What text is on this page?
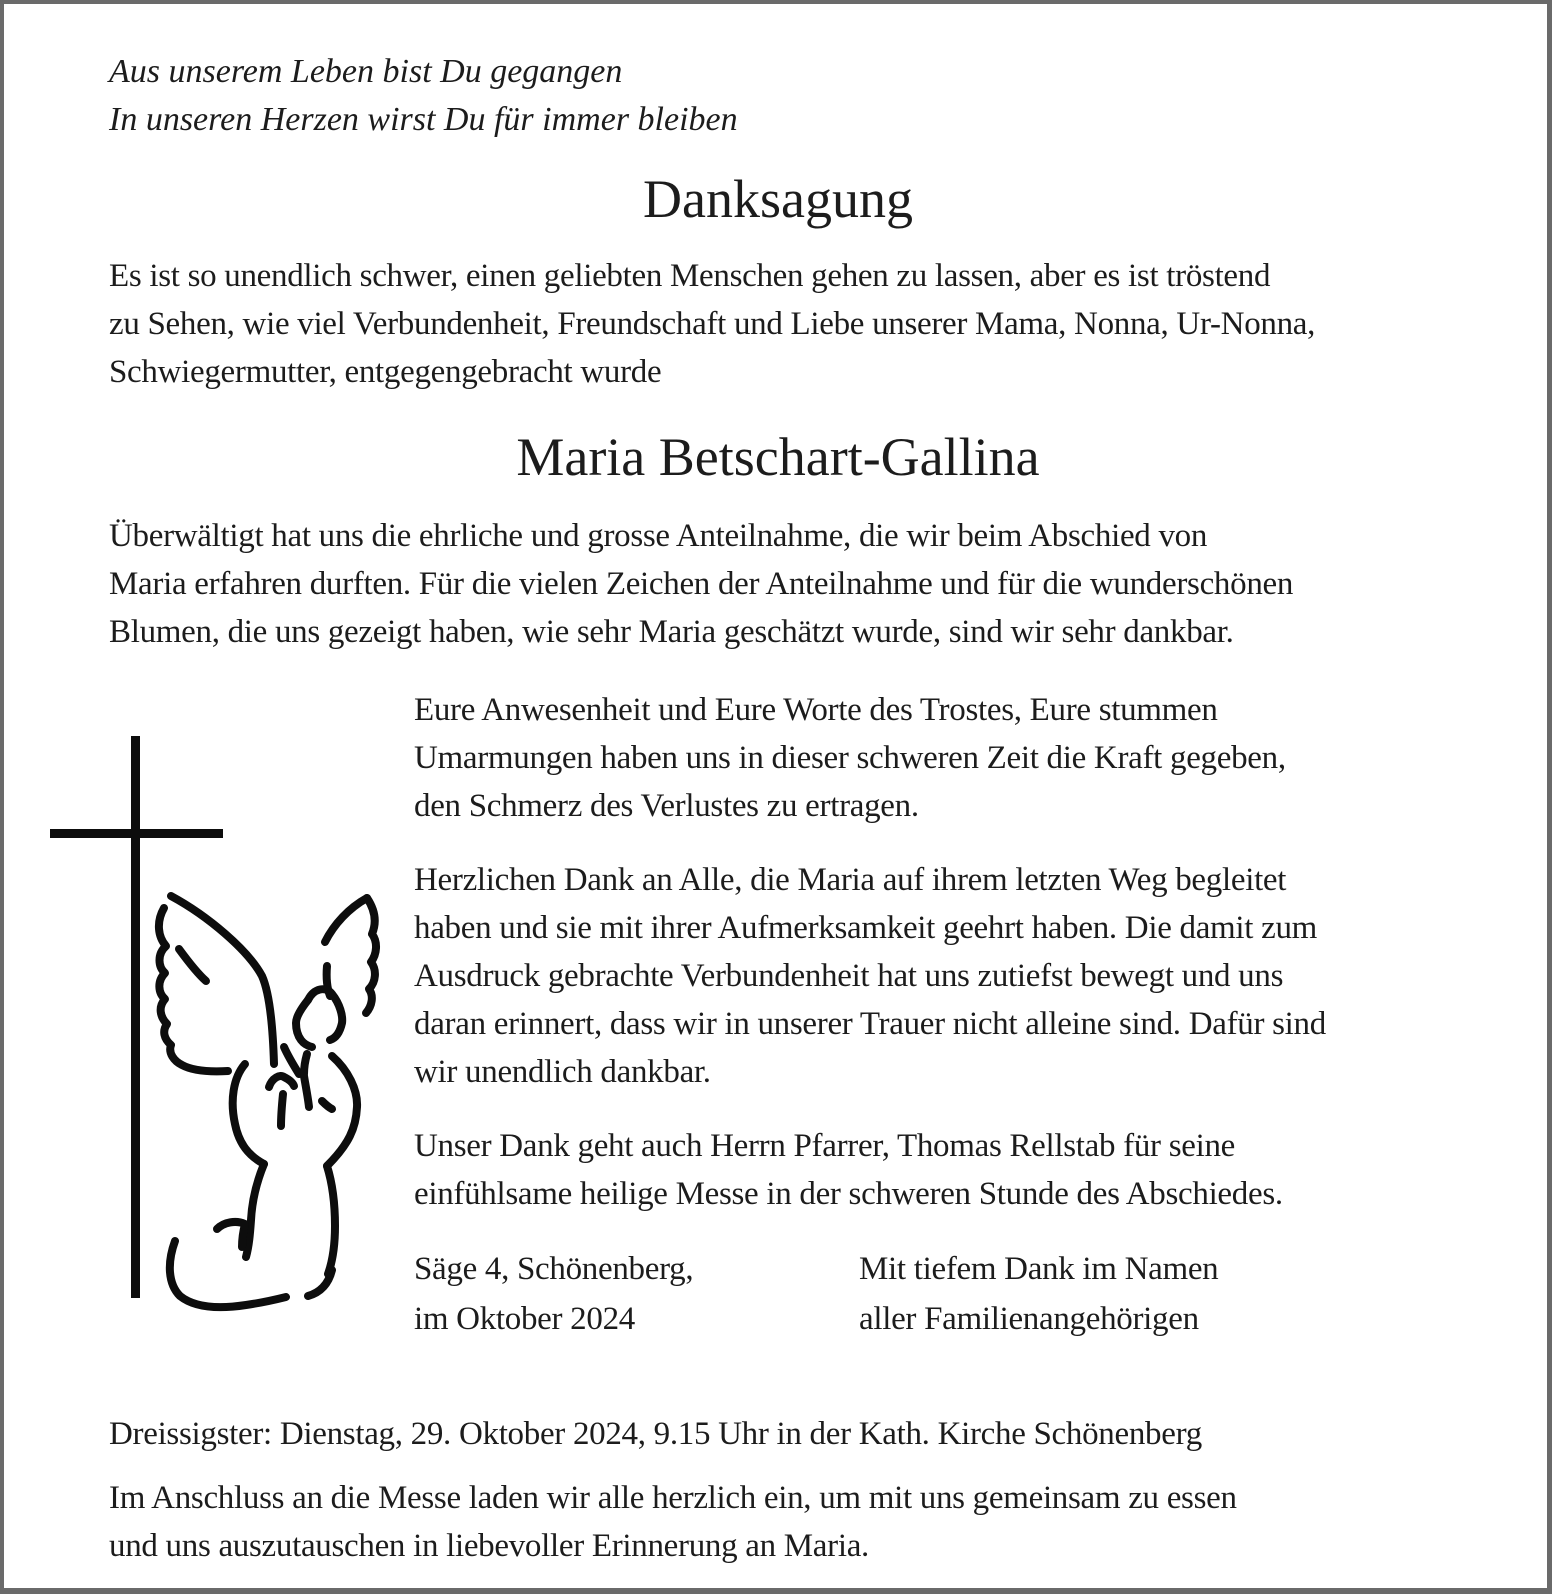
Aus unserem Leben bist Du gegangen
In unseren Herzen wirst Du für immer bleiben
Danksagung

Es ist so unendlich schwer, einen geliebten Menschen gehen zu lassen, aber es ist tröstend
zu Sehen, wie viel Verbundenheit, Freundschaft und Liebe unserer Mama, Nonna, Ur-Nonna,
Schwiegermutter, entgegengebracht wurde

Maria Betschart-Gallina

Überwältigt hat uns die ehrliche und grosse Anteilnahme, die wir beim Abschied von
Maria erfahren durften. Für die vielen Zeichen der Anteilnahme und für die wunderschönen
Blumen, die uns gezeigt haben, wie sehr Maria geschätzt wurde, sind wir sehr dankbar.

Eure Anwesenheit und Eure Worte des Trostes, Eure stummen
Umarmungen haben uns in dieser schweren Zeit die Kraft gegeben,
den Schmerz des Verlustes zu ertragen.

Herzlichen Dank an Alle, die Maria auf ihrem letzten Weg begleitet
haben und sie mit ihrer Aufmerksamkeit geehrt haben. Die damit zum
Ausdruck gebrachte Verbundenheit hat uns zutiefst bewegt und uns
daran erinnert, dass wir in unserer Trauer nicht alleine sind. Dafür sind
wir unendlich dankbar.

Unser Dank geht auch Herrn Pfarrer, Thomas Rellstab für seine
einfühlsame heilige Messe in der schweren Stunde des Abschiedes.

Säge 4, Schönenberg,
im Oktober 2024
Mit tiefem Dank im Namen
aller Familienangehörigen

Dreissigster: Dienstag, 29. Oktober 2024, 9.15 Uhr in der Kath. Kirche Schönenberg

Im Anschluss an die Messe laden wir alle herzlich ein, um mit uns gemeinsam zu essen
und uns auszutauschen in liebevoller Erinnerung an Maria.
